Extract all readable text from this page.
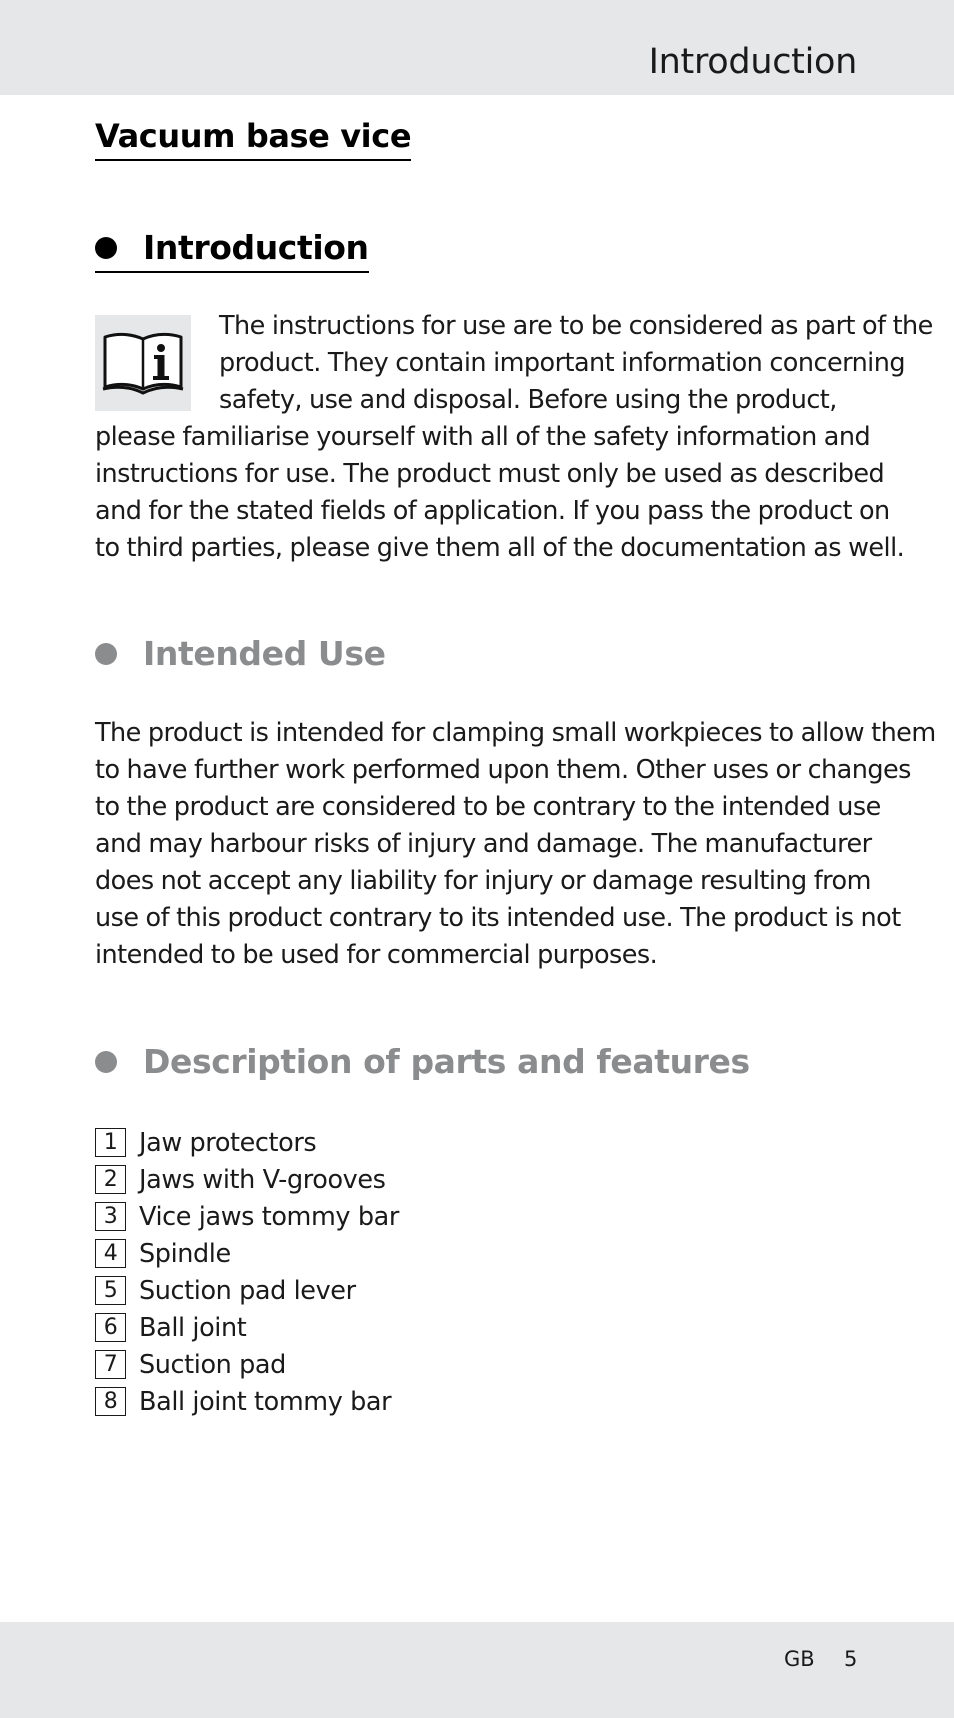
Introduction
Vacuum base vice
Introduction
The instructions for use are to be considered as part of the
product. They contain important information concerning
safety, use and disposal. Before using the product,
please familiarise yourself with all of the safety information and
instructions for use. The product must only be used as described
and for the stated fields of application. If you pass the product on
to third parties, please give them all of the documentation as well.
Intended Use
The product is intended for clamping small workpieces to allow them
to have further work performed upon them. Other uses or changes
to the product are considered to be contrary to the intended use
and may harbour risks of injury and damage. The manufacturer
does not accept any liability for injury or damage resulting from
use of this product contrary to its intended use. The product is not
intended to be used for commercial purposes.
Description of parts and features
1 Jaw protectors
2 Jaws with V-grooves
3 Vice jaws tommy bar
4 Spindle
5 Suction pad lever
6 Ball joint
7 Suction pad
8 Ball joint tommy bar
GB 5
